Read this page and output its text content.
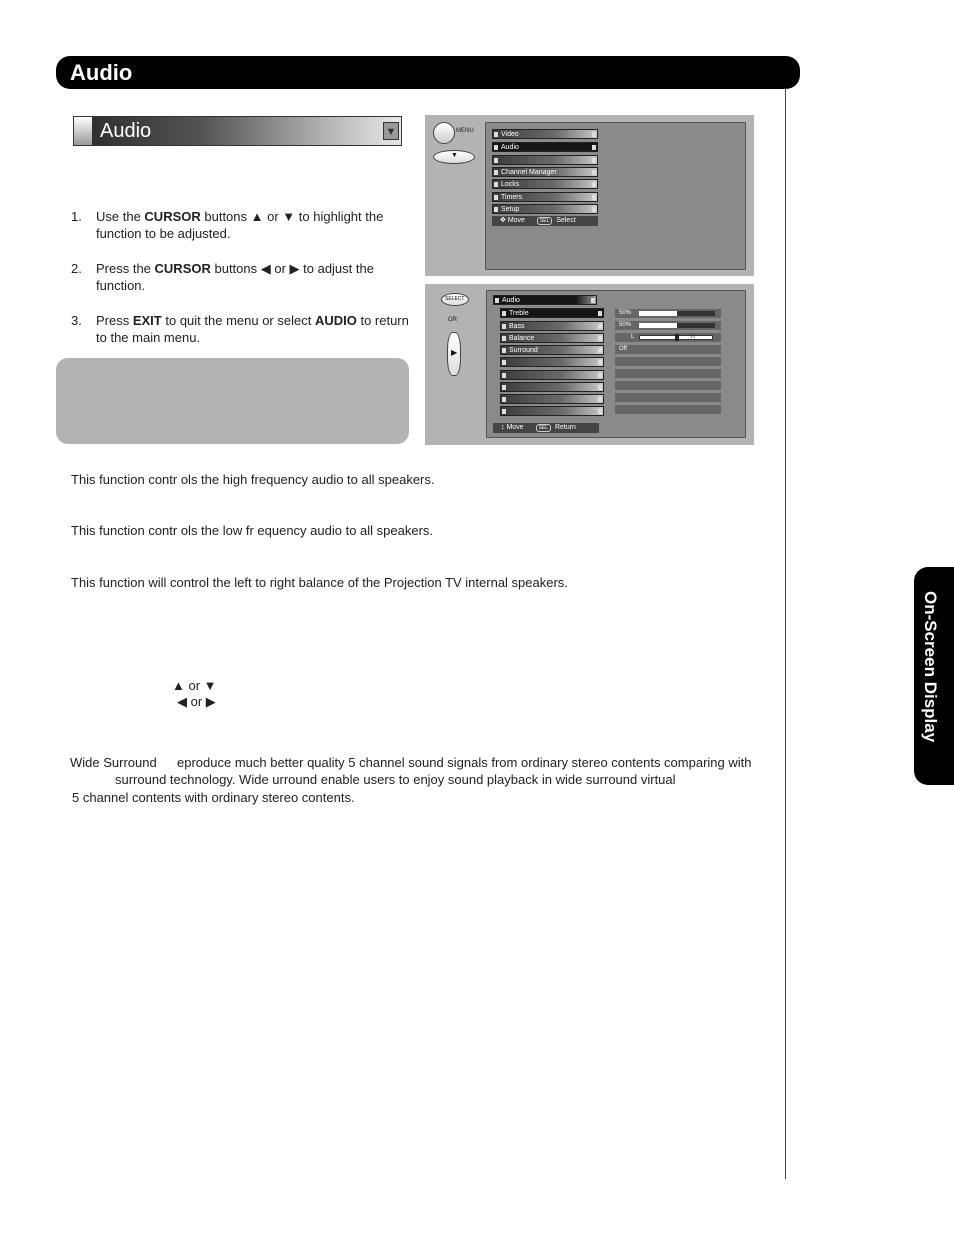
Audio
Audio	▼
1. Use the CURSOR buttons ▲ or ▼ to highlight the function to be adjusted.
2. Press the CURSOR buttons ◀ or ▶ to adjust the function.
3. Press EXIT to quit the menu or select AUDIO to return to the main menu.
MENU
▼
Video
Audio
Channel Manager
Locks
Timers
Setup
✥ Move	SEL Select
SELECT
OR
▶
Audio
Treble
Bass
Balance
Surround
50%
50%
L	R
Off
↕ Move	SEL Return
This function contr ols the high frequency audio to all speakers.
This function contr ols the low fr equency audio to all speakers.
This function will control the left to right balance of the Projection TV internal speakers.
▲ or ▼
◀ or ▶
Wide Surround eproduce much better quality 5 channel sound signals from ordinary stereo contents comparing with
surround technology. Wide urround enable users to enjoy sound playback in wide surround virtual
5 channel contents with ordinary stereo contents.
On-Screen Display
